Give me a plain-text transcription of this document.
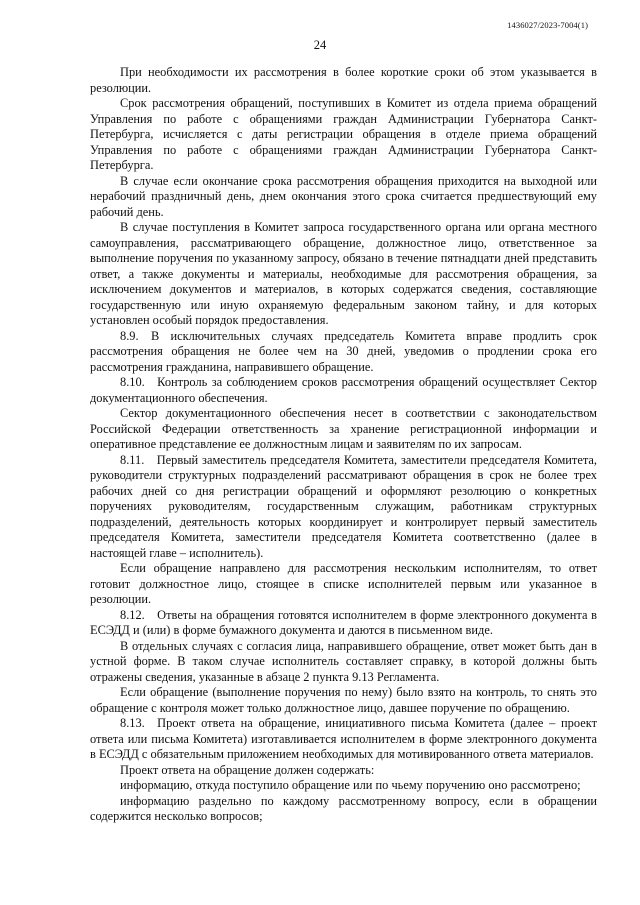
1436027/2023-7004(1)
24

При необходимости их рассмотрения в более короткие сроки об этом указывается в резолюции.

Срок рассмотрения обращений, поступивших в Комитет из отдела приема обращений Управления по работе с обращениями граждан Администрации Губернатора Санкт-Петербурга, исчисляется с даты регистрации обращения в отделе приема обращений Управления по работе с обращениями граждан Администрации Губернатора Санкт-Петербурга.

В случае если окончание срока рассмотрения обращения приходится на выходной или нерабочий праздничный день, днем окончания этого срока считается предшествующий ему рабочий день.

В случае поступления в Комитет запроса государственного органа или органа местного самоуправления, рассматривающего обращение, должностное лицо, ответственное за выполнение поручения по указанному запросу, обязано в течение пятнадцати дней представить ответ, а также документы и материалы, необходимые для рассмотрения обращения, за исключением документов и материалов, в которых содержатся сведения, составляющие государственную или иную охраняемую федеральным законом тайну, и для которых установлен особый порядок предоставления.

8.9. В исключительных случаях председатель Комитета вправе продлить срок рассмотрения обращения не более чем на 30 дней, уведомив о продлении срока его рассмотрения гражданина, направившего обращение.

8.10. Контроль за соблюдением сроков рассмотрения обращений осуществляет Сектор документационного обеспечения.

Сектор документационного обеспечения несет в соответствии с законодательством Российской Федерации ответственность за хранение регистрационной информации и оперативное представление ее должностным лицам и заявителям по их запросам.

8.11. Первый заместитель председателя Комитета, заместители председателя Комитета, руководители структурных подразделений рассматривают обращения в срок не более трех рабочих дней со дня регистрации обращений и оформляют резолюцию о конкретных поручениях руководителям, государственным служащим, работникам структурных подразделений, деятельность которых координирует и контролирует первый заместитель председателя Комитета, заместители председателя Комитета соответственно (далее в настоящей главе – исполнитель).

Если обращение направлено для рассмотрения нескольким исполнителям, то ответ готовит должностное лицо, стоящее в списке исполнителей первым или указанное в резолюции.

8.12. Ответы на обращения готовятся исполнителем в форме электронного документа в ЕСЭДД и (или) в форме бумажного документа и даются в письменном виде.

В отдельных случаях с согласия лица, направившего обращение, ответ может быть дан в устной форме. В таком случае исполнитель составляет справку, в которой должны быть отражены сведения, указанные в абзаце 2 пункта 9.13 Регламента.

Если обращение (выполнение поручения по нему) было взято на контроль, то снять это обращение с контроля может только должностное лицо, давшее поручение по обращению.

8.13. Проект ответа на обращение, инициативного письма Комитета (далее – проект ответа или письма Комитета) изготавливается исполнителем в форме электронного документа в ЕСЭДД с обязательным приложением необходимых для мотивированного ответа материалов.

Проект ответа на обращение должен содержать:

информацию, откуда поступило обращение или по чьему поручению оно рассмотрено;

информацию раздельно по каждому рассмотренному вопросу, если в обращении содержится несколько вопросов;
